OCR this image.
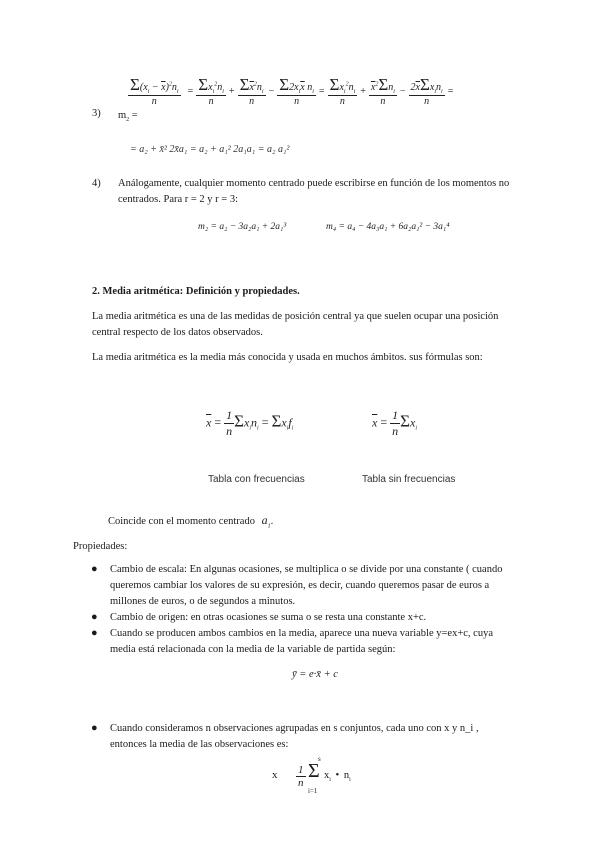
3) $m_2$ =
$\frac{\Sigma(x_i - \overline{x})^2n_i}{n} = \frac{\Sigma x_i^2n_i}{n} + \frac{\Sigma\overline{x}^2n_i}{n} - \frac{\Sigma 2x_i\overline{x} n_i}{n} = \frac{\Sigma x_i^2n_i}{n} + \frac{\overline{x}^2\Sigma n_i}{n} - \frac{2\overline{x}\Sigma x_in_i}{n}$ =
= a₂ + x̄² 2x̄a₁ = a₂ + a₁² 2a₁a₁ = a₂ a₁²
4) Análogamente, cualquier momento centrado puede escribirse en función de los momentos no
centrados. Para r = 2 y r = 3:
m₂ = a₂ − 3a₂a₁ + 2a₁³	m₄ = a₄ − 4a₃a₁ + 6a₂a₁² − 3a₁⁴
2. Media aritmética: Definición y propiedades.
La media aritmética es una de las medidas de posición central ya que suelen ocupar una posición
central respecto de los datos observados.
La media aritmética es la media más conocida y usada en muchos ámbitos. sus fórmulas son:
$\overline{x} = \frac{1}{n} \Sigma x_in_i = \Sigma x_if_i$	$\overline{x} = \frac{1}{n} \Sigma x_i$
Tabla con frecuencias	Tabla sin frecuencias
Coincide con el momento centrado $a_1$.
Propiedades:
● Cambio de escala: En algunas ocasiones, se multiplica o se divide por una constante ( cuando
queremos cambiar los valores de su expresión, es decir, cuando queremos pasar de euros a
millones de euros, o de segundos a minutos.
● Cambio de origen: en otras ocasiones se suma o se resta una constante x+c.
● Cuando se producen ambos cambios en la media, aparece una nueva variable y=ex+c, cuya
media está relacionada con la media de la variable de partida según:
ȳ = e·x̄ + c
● Cuando consideramos n observaciones agrupadas en s conjuntos, cada uno con x y n_i ,
entonces la media de las observaciones es:
x $\frac{1}{n}$
s
Σ
i=1
$x_i$ • $n_i$
